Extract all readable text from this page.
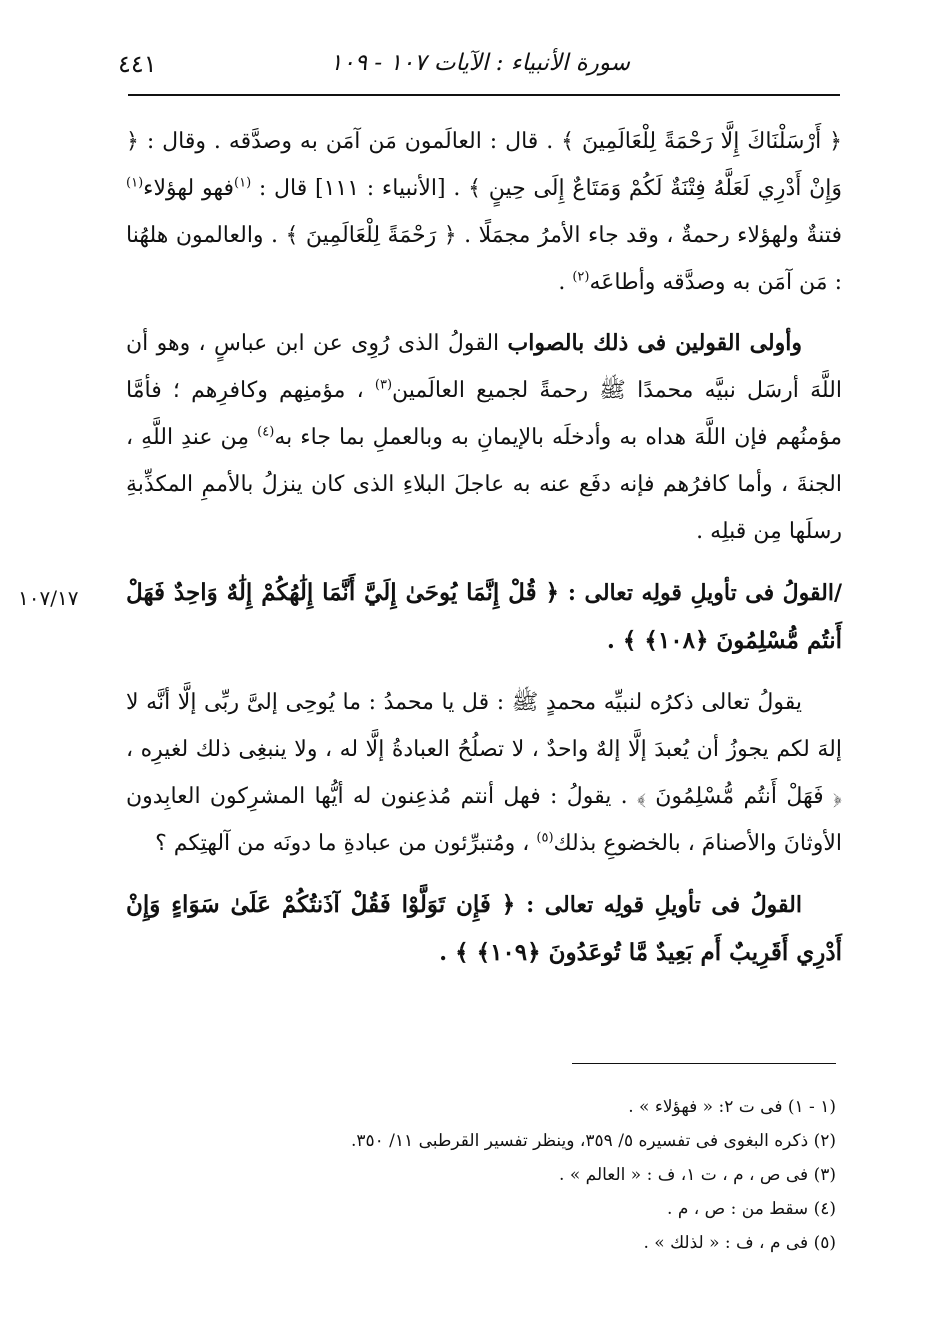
٤٤١	سورة الأنبياء : الآيات ١٠٧ - ١٠٩

﴿ أَرْسَلْنَاكَ إِلَّا رَحْمَةً لِلْعَالَمِينَ ﴾ . قال : العالَمون مَن آمَن به وصدَّقه . وقال : ﴿ وَإِنْ أَدْرِي لَعَلَّهُ فِتْنَةٌ لَكُمْ وَمَتَاعٌ إِلَى حِينٍ ﴾ . [الأنبياء : ١١١] قال : $^{(١)}$فهو لهؤلاء$^{(١)}$ فتنةٌ ولهؤلاء رحمةٌ ، وقد جاء الأمرُ مجمَلًا . ﴿ رَحْمَةً لِلْعَالَمِينَ ﴾ . والعالمون هلهُنا : مَن آمَن به وصدَّقه وأطاعَه$^{(٢)}$ .

وأولى القولين فى ذلك بالصواب القولُ الذى رُوِى عن ابن عباسٍ ، وهو أن اللَّهَ أرسَل نبيَّه محمدًا ﷺ رحمةً لجميع العالَمين$^{(٣)}$ ، مؤمنِهم وكافرِهم ؛ فأمَّا مؤمنُهم فإن اللَّهَ هداه به وأدخلَه بالإيمانِ به وبالعملِ بما جاء به$^{(٤)}$ مِن عندِ اللَّهِ ، الجنةَ ، وأما كافرُهم فإنه دفَع عنه به عاجلَ البلاءِ الذى كان ينزلُ بالأممِ المكذِّبةِ رسلَها مِن قبلِه .

/القولُ فى تأويلِ قولِه تعالى : ﴿ قُلْ إِنَّمَا يُوحَىٰ إِلَيَّ أَنَّمَا إِلَٰهُكُمْ إِلَٰهٌ وَاحِدٌ فَهَلْ أَنتُم مُّسْلِمُونَ ﴿١٠٨﴾ ﴾ .

يقولُ تعالى ذكرُه لنبيِّه محمدٍ ﷺ : قل يا محمدُ : ما يُوحِى إلىَّ ربِّى إلَّا أنَّه لا إلهَ لكم يجوزُ أن يُعبدَ إلَّا إلهٌ واحدٌ ، لا تصلُحُ العبادةُ إلَّا له ، ولا ينبغِى ذلك لغيرِه ، ﴿ فَهَلْ أَنتُم مُّسْلِمُونَ ﴾ . يقولُ : فهل أنتم مُذعِنون له أيُّها المشرِكون العابِدون الأوثانَ والأصنامَ ، بالخضوعِ بذلك$^{(٥)}$ ، ومُتبرِّئون من عبادةِ ما دونَه من آلهتِكم ؟

القولُ فى تأويلِ قولِه تعالى : ﴿ فَإِن تَوَلَّوْا فَقُلْ آذَنتُكُمْ عَلَىٰ سَوَاءٍ وَإِنْ أَدْرِي أَقَرِيبٌ أَم بَعِيدٌ مَّا تُوعَدُونَ ﴿١٠٩﴾ ﴾ .

١٠٧/١٧
(١ - ١) فى ت ٢: « فهؤلاء » .
(٢) ذكره البغوى فى تفسيره ٥/ ٣٥٩، وينظر تفسير القرطبى ١١/ ٣٥٠.
(٣) فى ص ، م ، ت ١، ف : « العالم » .
(٤) سقط من : ص ، م .
(٥) فى م ، ف : « لذلك » .
